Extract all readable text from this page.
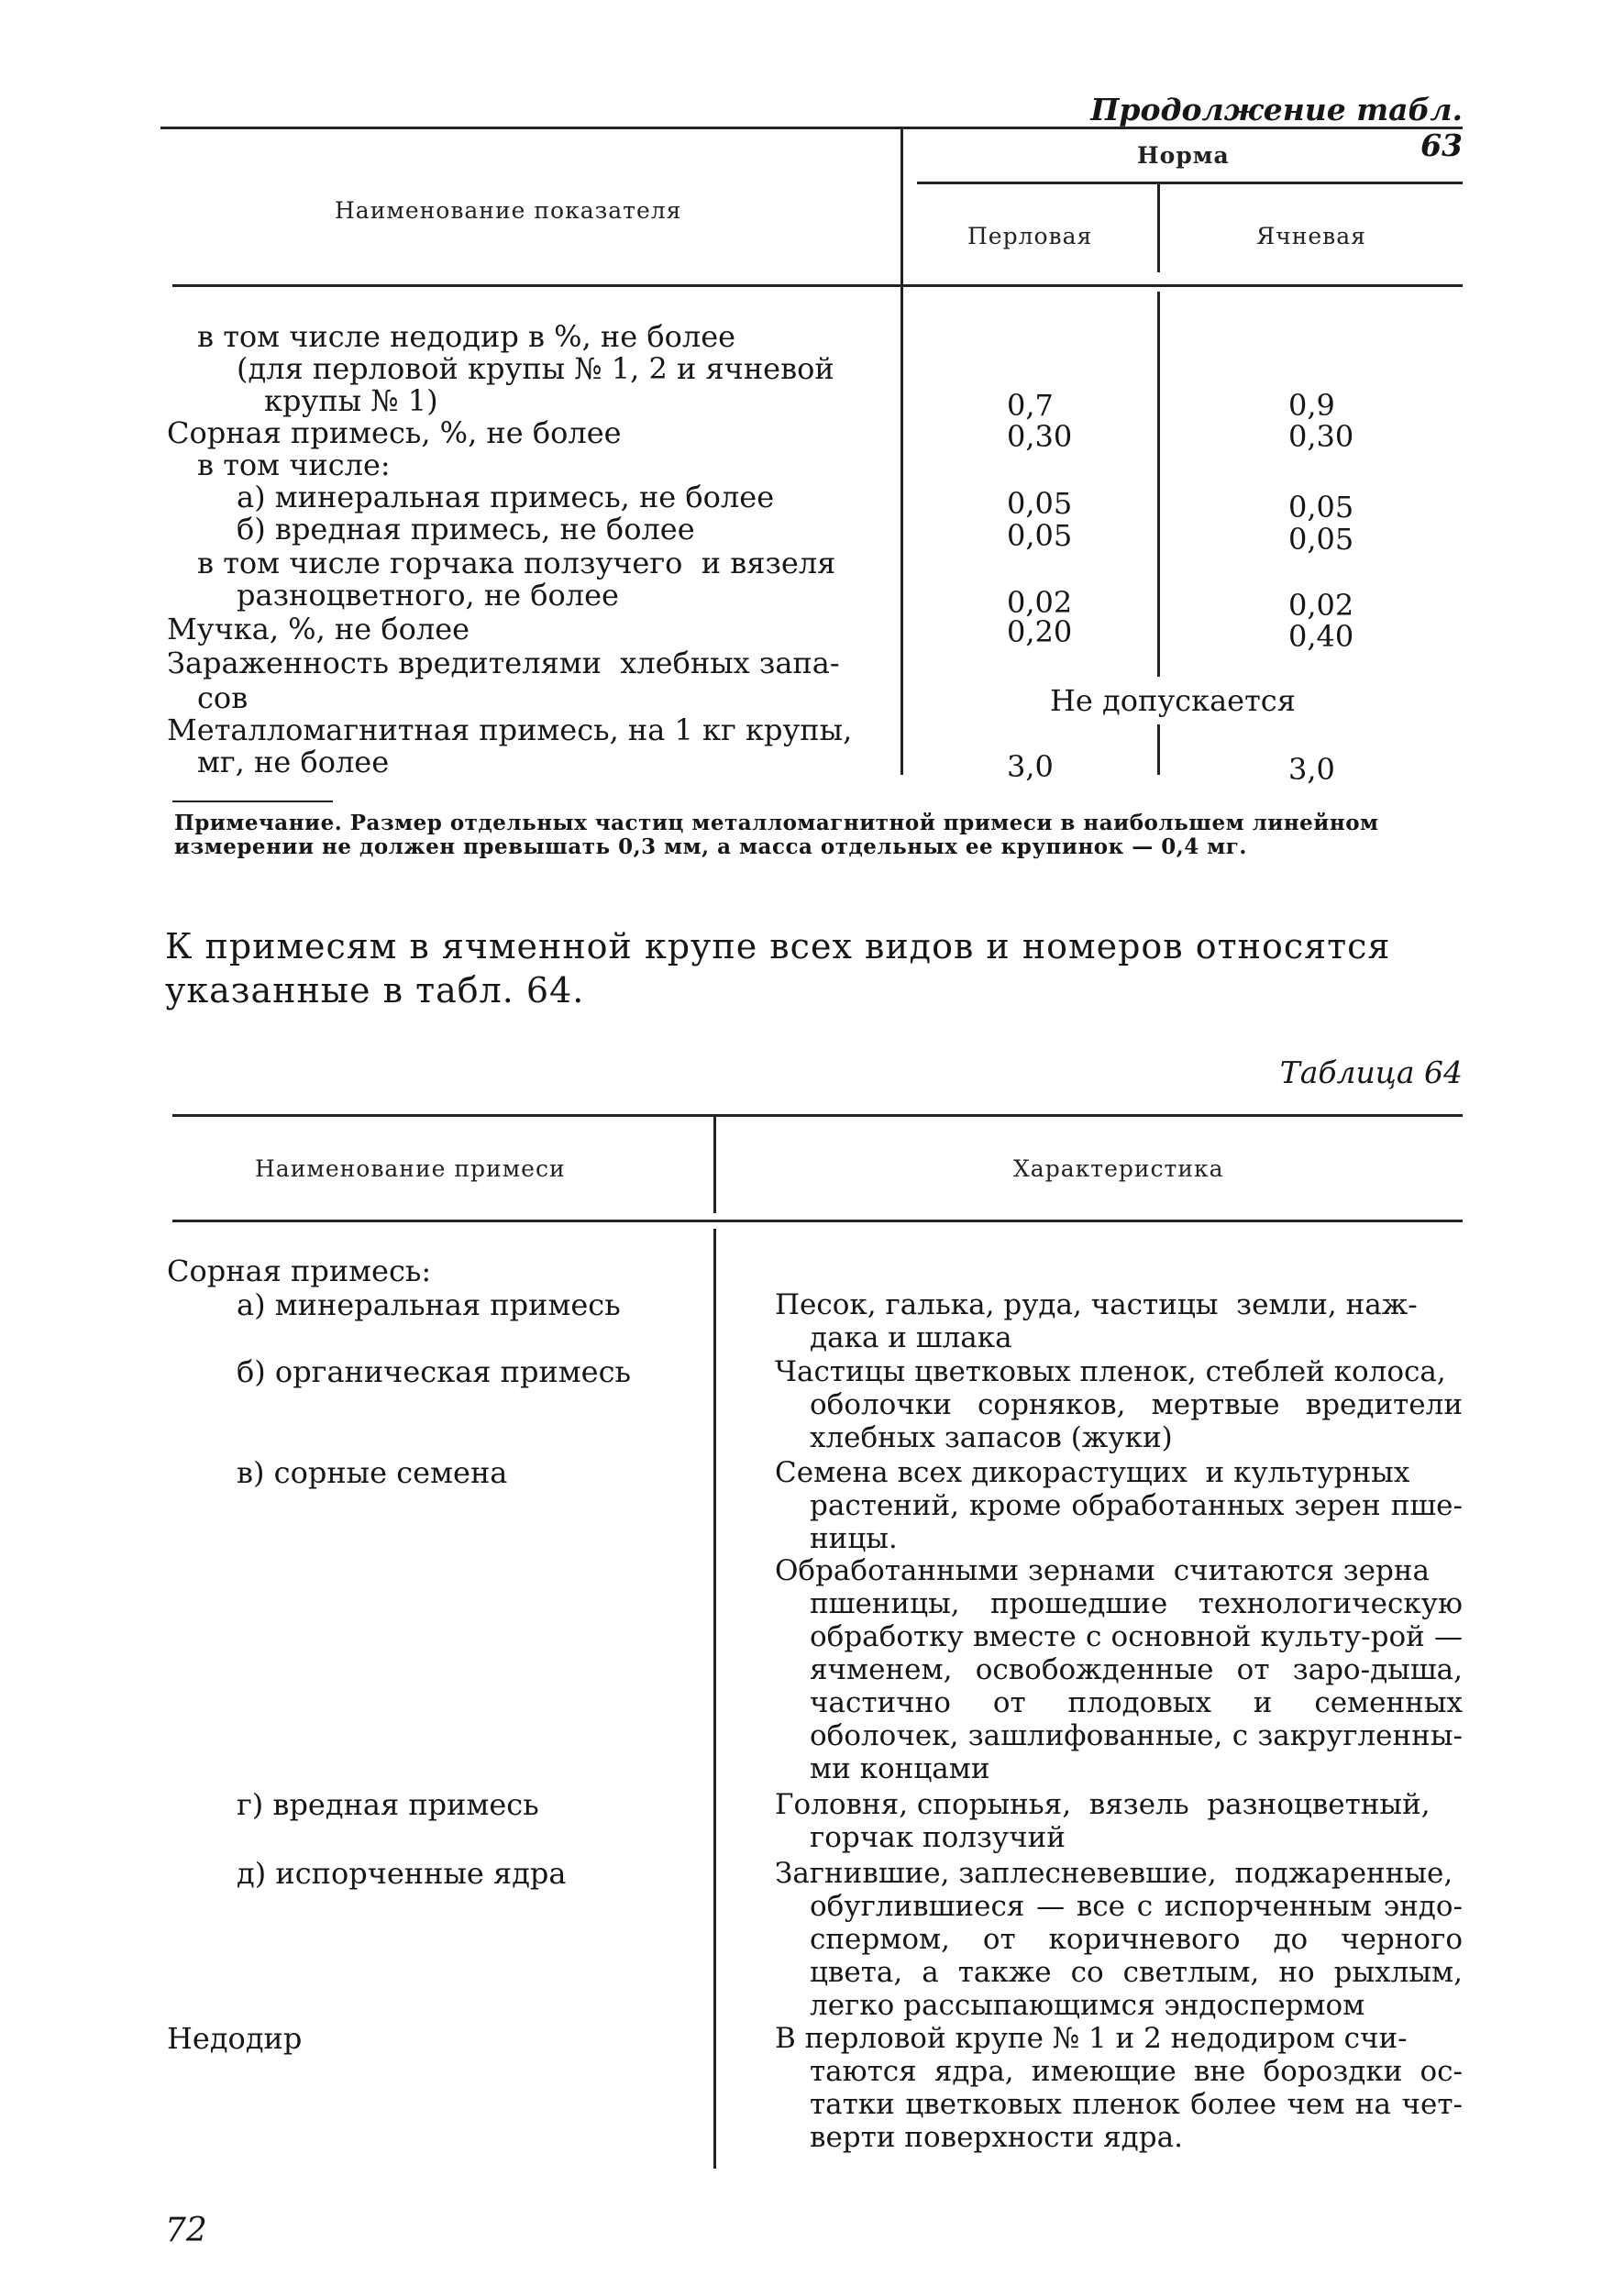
Продолжение табл. 63
Наименование показателя
Норма
Перловая	Ячневая
в том числе недодир в %, не более
(для перловой крупы № 1, 2 и ячневой
крупы № 1)	0,7	0,9
Сорная примесь, %, не более	0,30	0,30
в том числе:
а) минеральная примесь, не более	0,05	0,05
б) вредная примесь, не более	0,05	0,05
в том числе горчака ползучего  и вязеля
разноцветного, не более	0,02	0,02
Мучка, %, не более	0,20	0,40
Зараженность вредителями  хлебных запа-
сов	Не допускается
Металломагнитная примесь, на 1 кг крупы,
мг, не более	3,0	3,0
Примечание. Размер отдельных частиц металломагнитной примеси в наибольшем линейном измерении не должен превышать 0,3 мм, а масса отдельных ее крупинок — 0,4 мг.
К примесям в ячменной крупе всех видов и номеров относятся указанные в табл. 64.
Таблица 64
Наименование примеси	Характеристика
Сорная примесь:
а) минеральная примесь	Песок, галька, руда, частицы  земли, наж-
дака и шлака
б) органическая примесь	Частицы цветковых пленок, стеблей колоса,
оболочки сорняков, мертвые вредители хлебных запасов (жуки)
в) сорные семена	Семена всех дикорастущих  и культурных
растений, кроме обработанных зерен пше-ницы.
Обработанными зернами  считаются зерна
пшеницы, прошедшие технологическую обработку вместе с основной культу-рой — ячменем, освобожденные от заро-дыша, частично от плодовых и семенных оболочек, зашлифованные, с закругленны-ми концами
г) вредная примесь	Головня, спорынья,  вязель  разноцветный,
горчак ползучий
д) испорченные ядра	Загнившие, заплесневевшие,  поджаренные,
обуглившиеся — все с испорченным эндо-спермом, от коричневого до черного цвета, а также со светлым, но рыхлым, легко рассыпающимся эндоспермом
Недодир	В перловой крупе № 1 и 2 недодиром счи-
таются ядра, имеющие вне бороздки ос-татки цветковых пленок более чем на чет-верти поверхности ядра.
72
